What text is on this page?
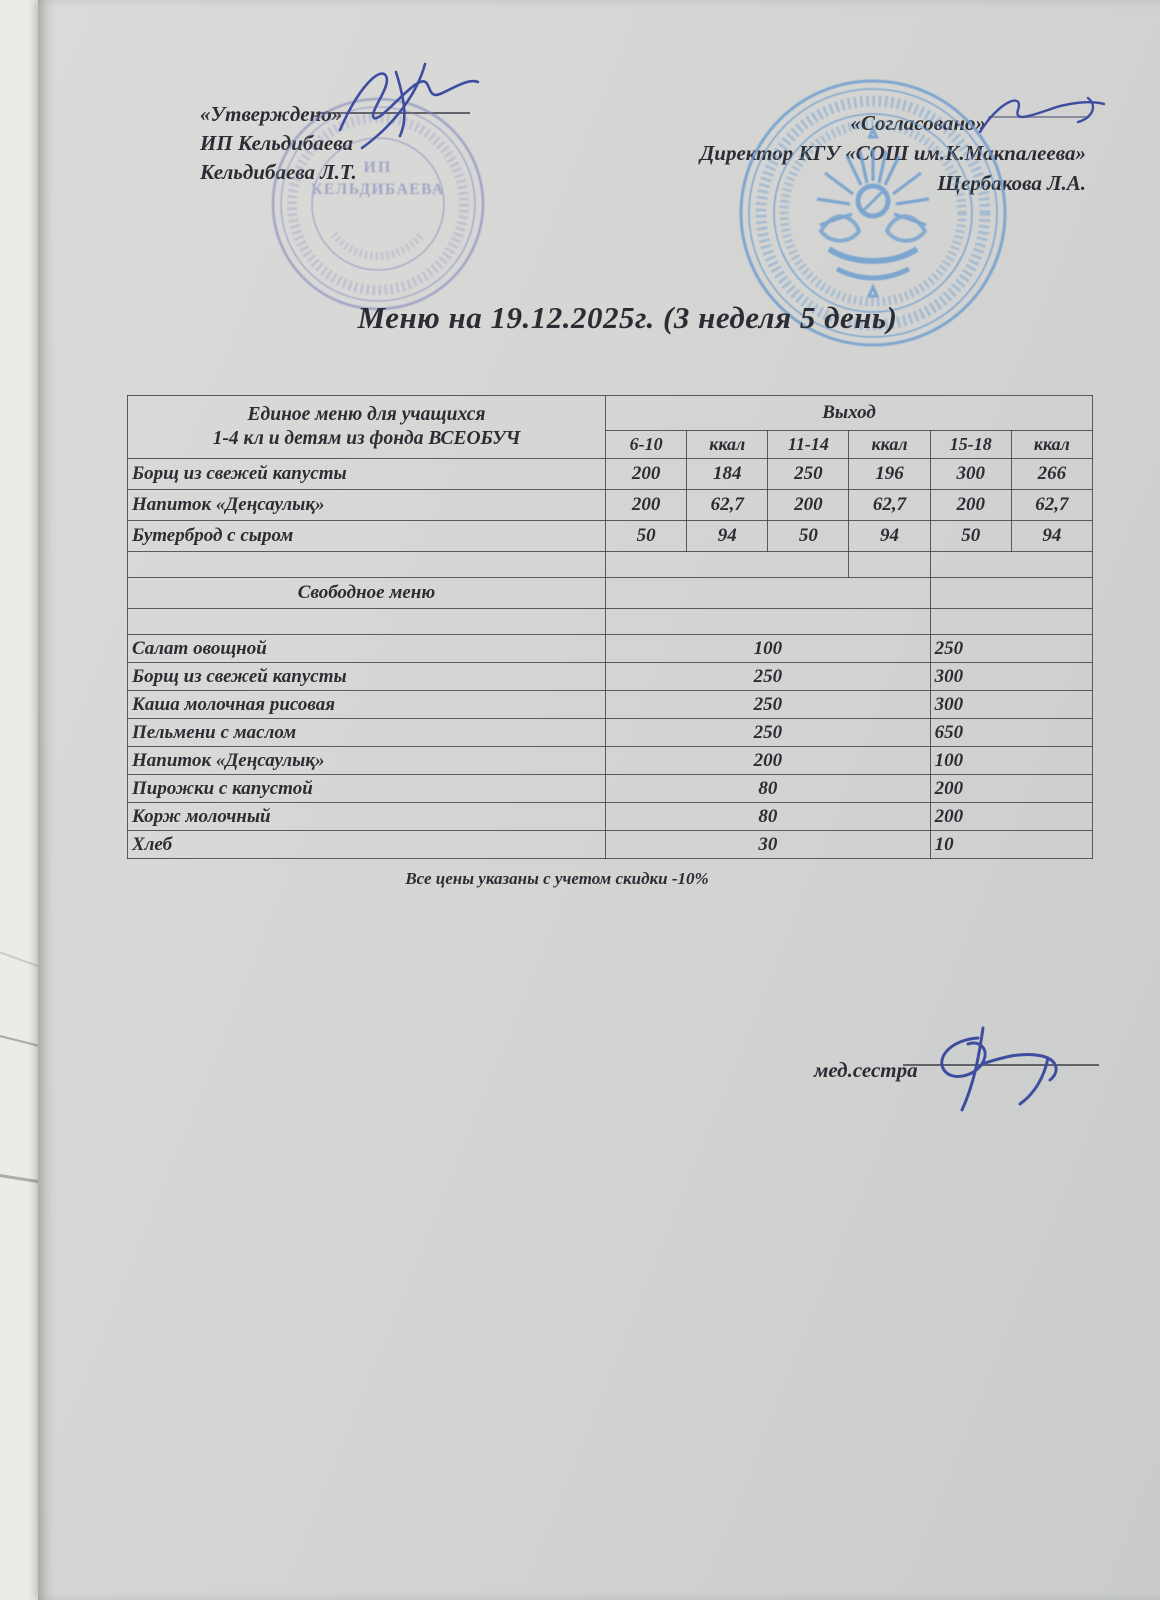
«Утверждено»
ИП Кельдибаева
Кельдибаева Л.Т. ИП
КЕЛЬДИБАЕВА
«Согласовано»
Директор КГУ «СОШ им.К.Макпалеева»
Щербакова Л.А.
Меню на 19.12.2025г. (3 неделя 5 день)
Единое меню для учащихся
1-4 кл и детям из фонда ВСЕОБУЧ	Выход					
	6-10	ккал	11-14	ккал	15-18	ккал
Борщ из свежей капусты	200	184	250	196	300	266
Напиток «Деңсаулық»	200	62,7	200	62,7	200	62,7
Бутерброд с сыром	50	94	50	94	50	94

Свободное меню						

Салат овощной	100				250	
Борщ из свежей капусты	250				300	
Каша молочная рисовая	250				300	
Пельмени с маслом	250				650	
Напиток «Деңсаулық»	200				100	
Пирожки с капустой	80				200	
Корж молочный	80				200	
Хлеб	30				10	
Все цены указаны с учетом скидки -10%
мед.сестра
